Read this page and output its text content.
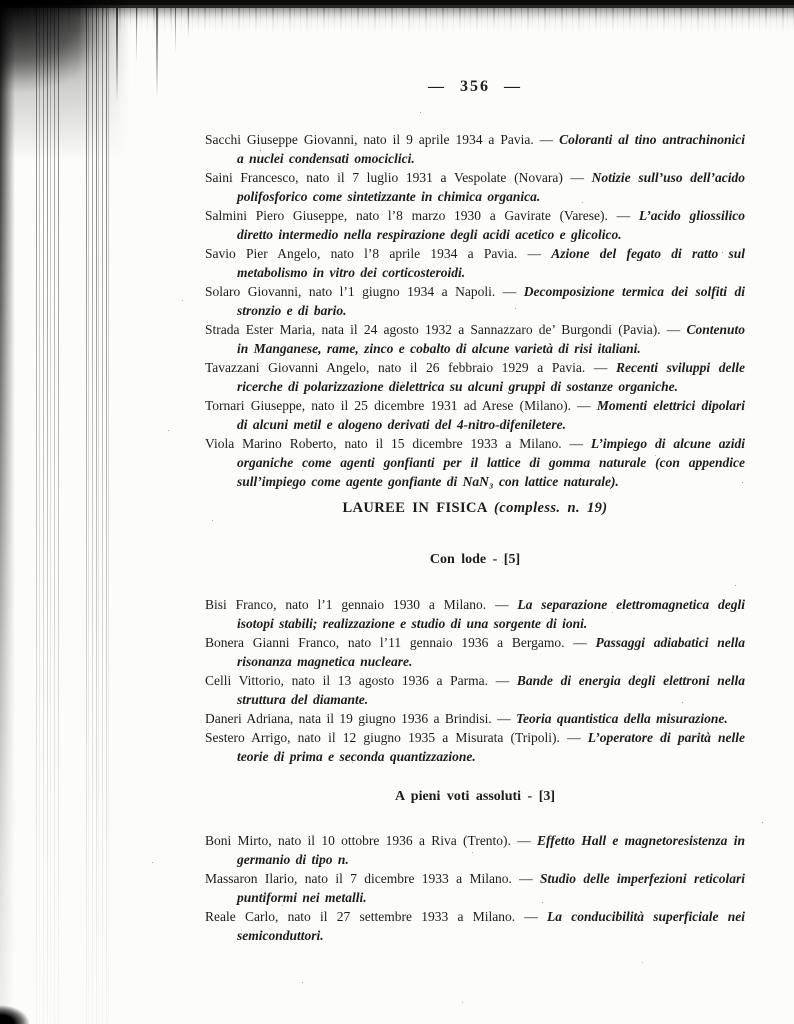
— 356 —

Sacchi Giuseppe Giovanni, nato il 9 aprile 1934 a Pavia. — Coloranti al tino antrachinonici a nuclei condensati omociclici.

Saini Francesco, nato il 7 luglio 1931 a Vespolate (Novara) — Notizie sull’uso dell’acido polifosforico come sintetizzante in chimica organica.

Salmini Piero Giuseppe, nato l’8 marzo 1930 a Gavirate (Varese). — L’acido gliossilico diretto intermedio nella respirazione degli acidi acetico e glicolico.

Savio Pier Angelo, nato l’8 aprile 1934 a Pavia. — Azione del fegato di ratto sul metabolismo in vitro dei corticosteroidi.

Solaro Giovanni, nato l’1 giugno 1934 a Napoli. — Decomposizione termica dei solfiti di stronzio e di bario.

Strada Ester Maria, nata il 24 agosto 1932 a Sannazzaro de’ Burgondi (Pavia). — Contenuto in Manganese, rame, zinco e cobalto di alcune varietà di risi italiani.

Tavazzani Giovanni Angelo, nato il 26 febbraio 1929 a Pavia. — Recenti sviluppi delle ricerche di polarizzazione dielettrica su alcuni gruppi di sostanze organiche.

Tornari Giuseppe, nato il 25 dicembre 1931 ad Arese (Milano). — Momenti elettrici dipolari di alcuni metil e alogeno derivati del 4-nitro-difeniletere.

Viola Marino Roberto, nato il 15 dicembre 1933 a Milano. — L’impiego di alcune azidi organiche come agenti gonfianti per il lattice di gomma naturale (con appendice sull’impiego come agente gonfiante di NaN₃ con lattice naturale).

LAUREE IN FISICA (compless. n. 19)
Con lode - [5]

Bisi Franco, nato l’1 gennaio 1930 a Milano. — La separazione elettromagnetica degli isotopi stabili; realizzazione e studio di una sorgente di ioni.

Bonera Gianni Franco, nato l’11 gennaio 1936 a Bergamo. — Passaggi adiabatici nella risonanza magnetica nucleare.

Celli Vittorio, nato il 13 agosto 1936 a Parma. — Bande di energia degli elettroni nella struttura del diamante.

Daneri Adriana, nata il 19 giugno 1936 a Brindisi. — Teoria quantistica della misurazione.

Sestero Arrigo, nato il 12 giugno 1935 a Misurata (Tripoli). — L’operatore di parità nelle teorie di prima e seconda quantizzazione.

A pieni voti assoluti - [3]

Boni Mirto, nato il 10 ottobre 1936 a Riva (Trento). — Effetto Hall e magnetoresistenza in germanio di tipo n.

Massaron Ilario, nato il 7 dicembre 1933 a Milano. — Studio delle imperfezioni reticolari puntiformi nei metalli.

Reale Carlo, nato il 27 settembre 1933 a Milano. — La conducibilità superficiale nei semiconduttori.
